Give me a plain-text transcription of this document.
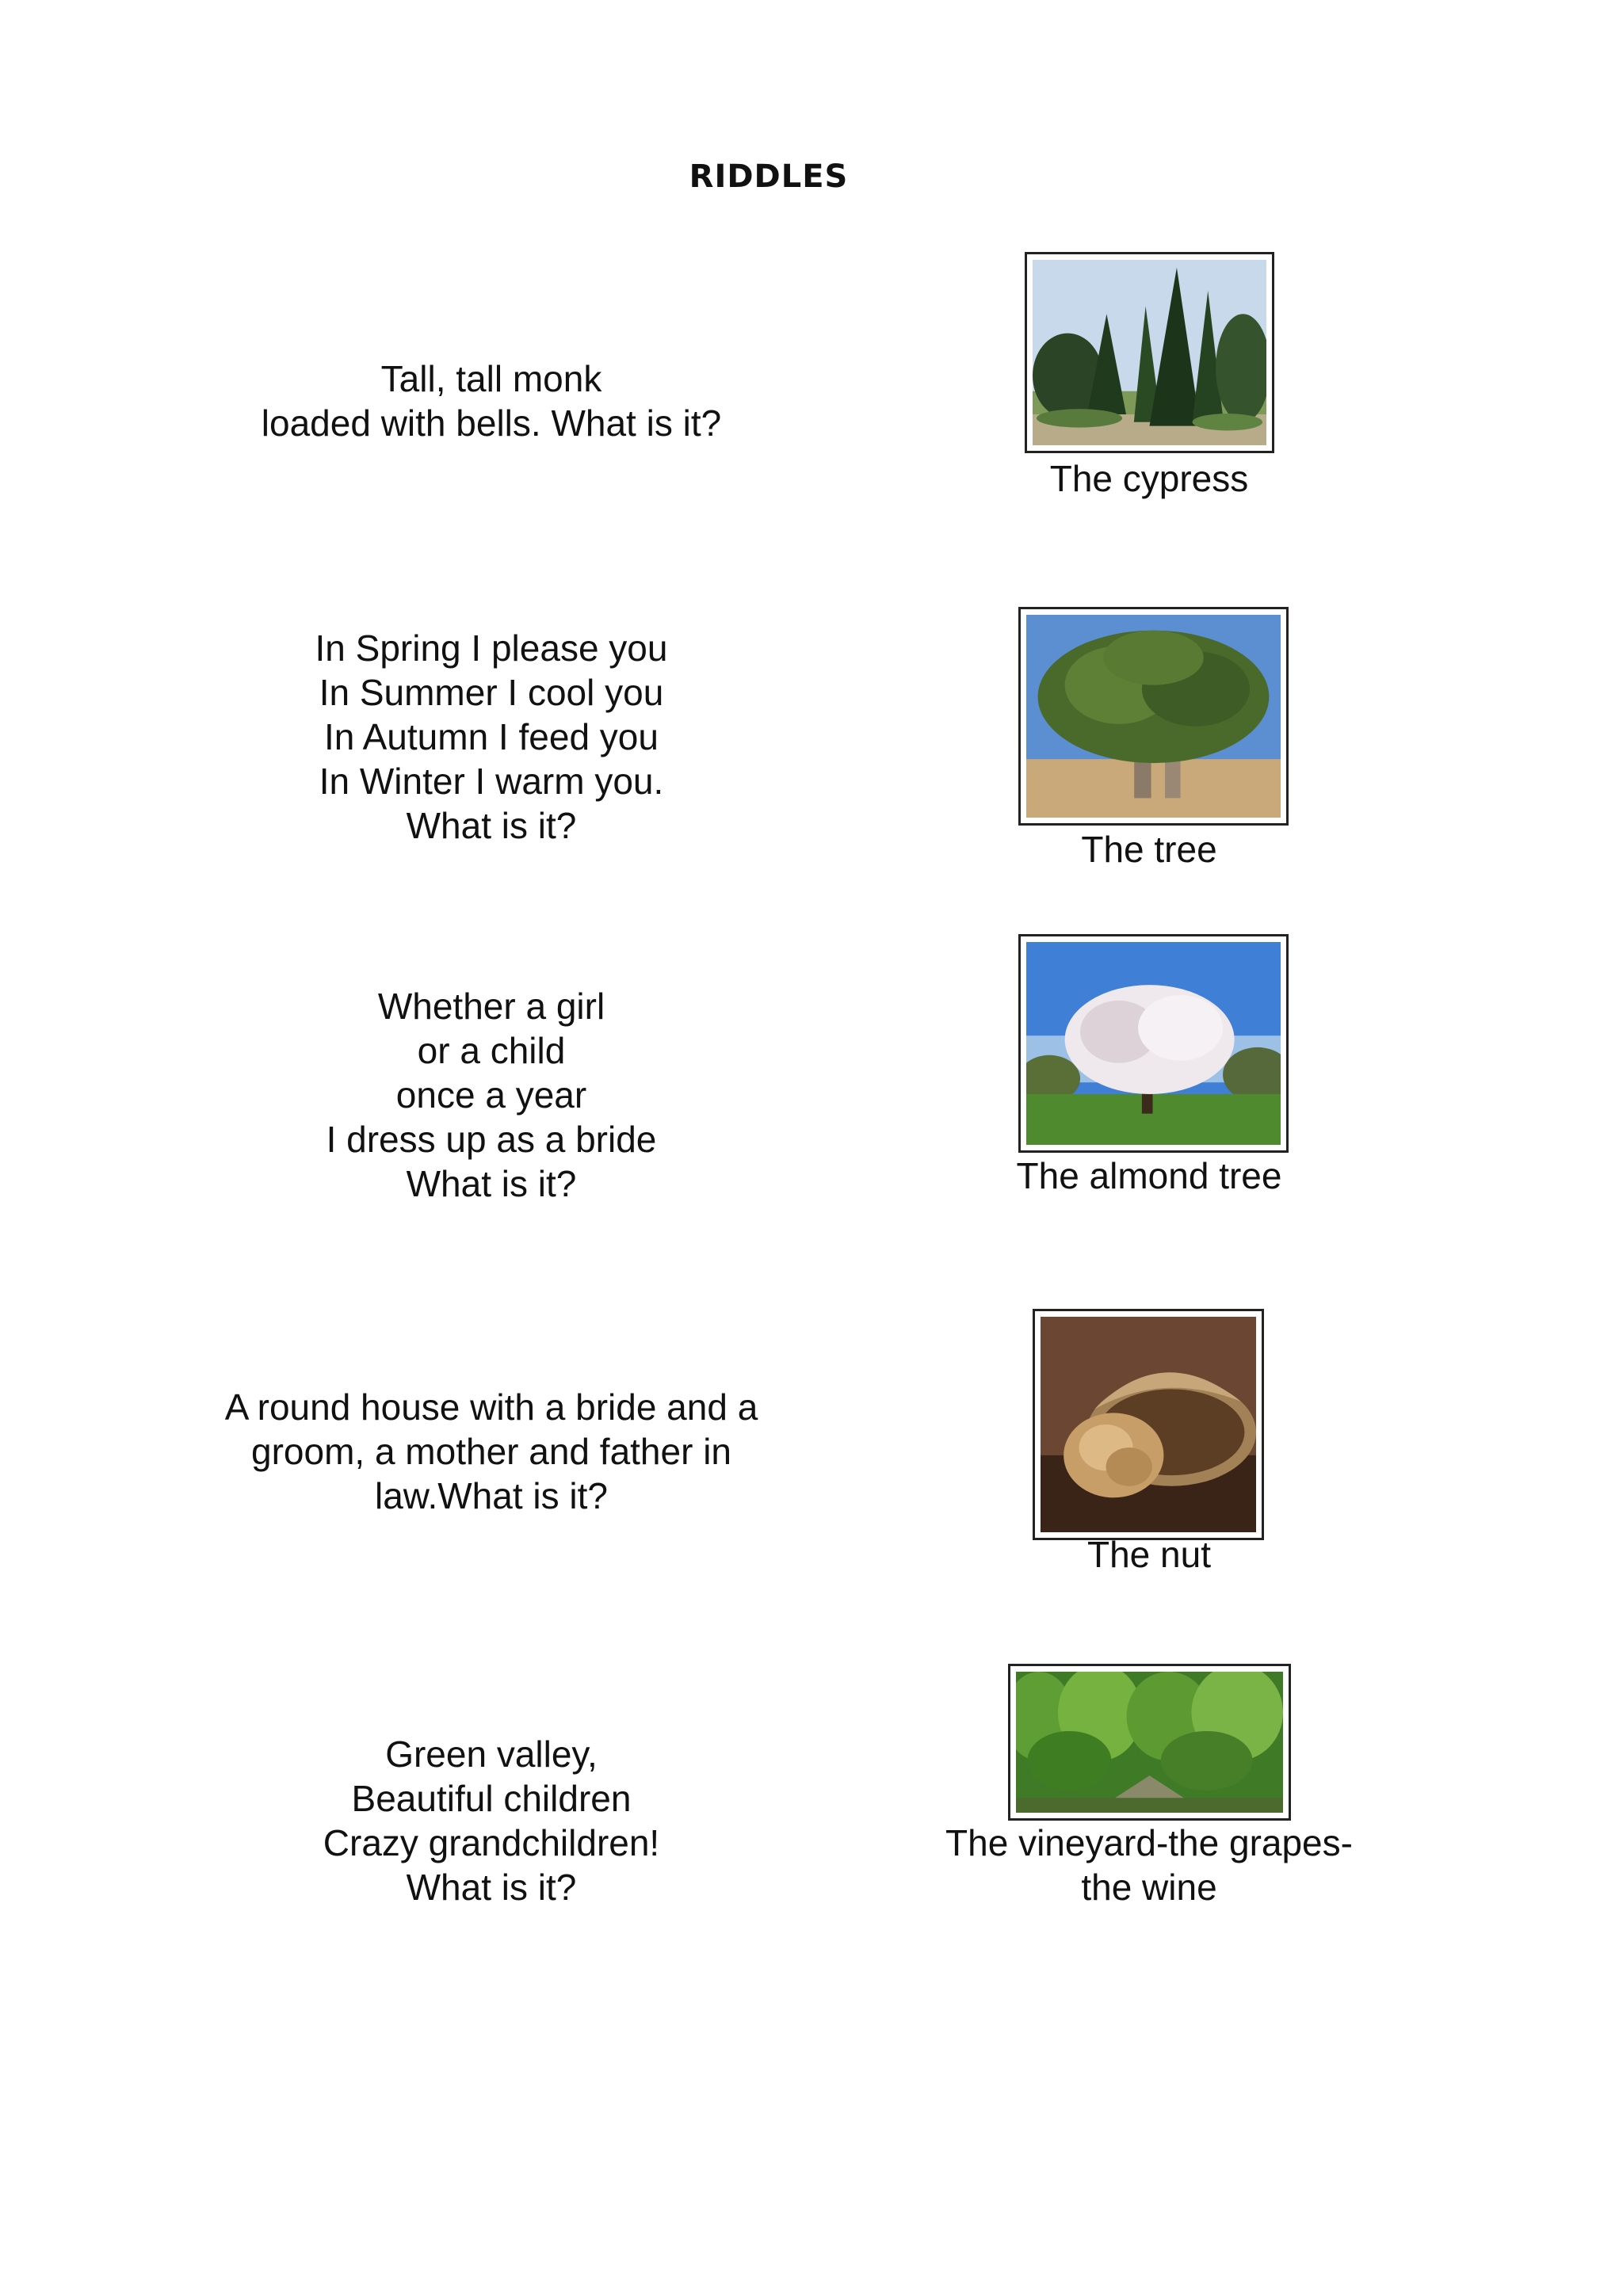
RIDDLES
Tall, tall monk
loaded with bells. What is it?
The cypress
In Spring I please you
In Summer I cool you
In Autumn I feed you
In Winter I warm you.
What is it?
The tree
Whether a girl
or a child
once a year
I dress up as a bride
What is it?	The almond tree
A round house with a bride and a
groom, a mother and father in
law.What is it?
The nut
Green valley,
Beautiful children
Crazy grandchildren!
What is it?
The vineyard-the grapes-
the wine
